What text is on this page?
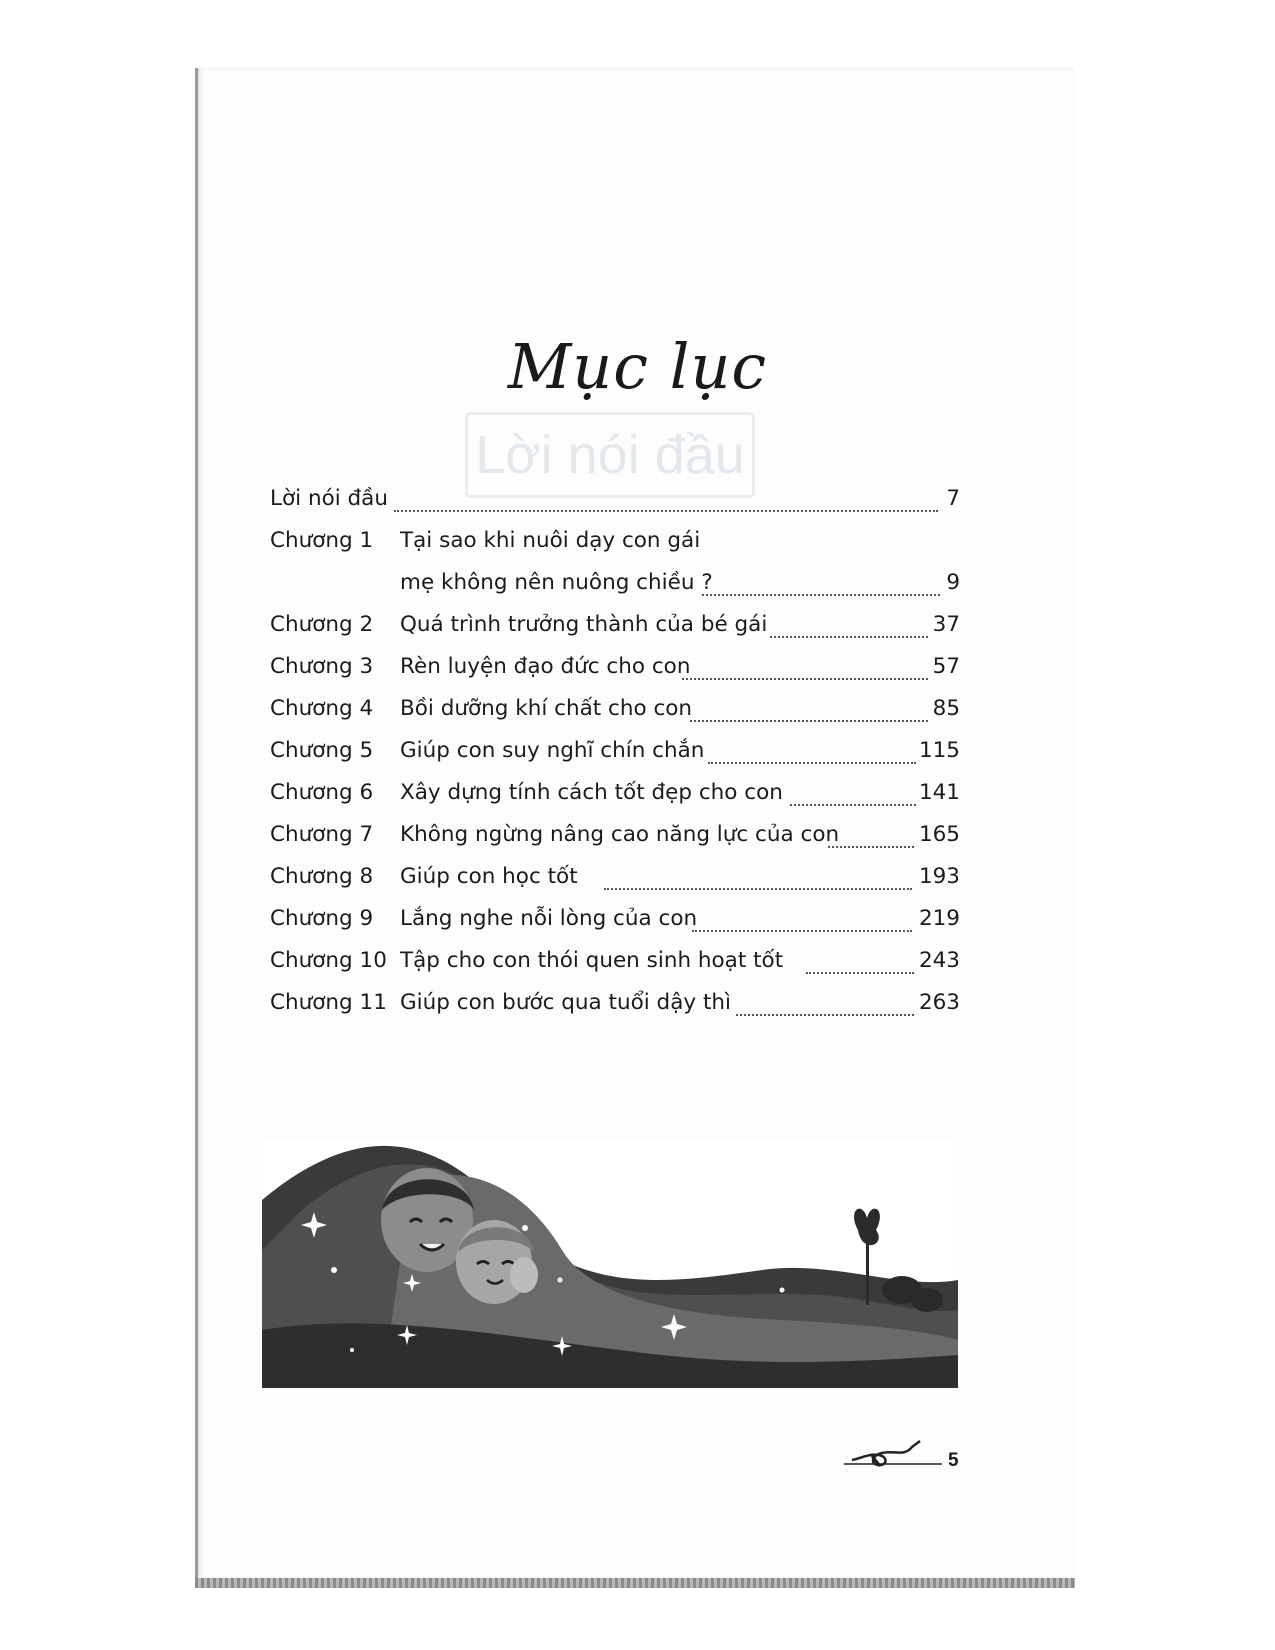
Lời nói đầu
Mục lục
Lời nói đầu	7
Chương 1 Tại sao khi nuôi dạy con gái
mẹ không nên nuông chiều ?	9
Chương 2 Quá trình trưởng thành của bé gái	37
Chương 3 Rèn luyện đạo đức cho con	57
Chương 4 Bồi dưỡng khí chất cho con	85
Chương 5 Giúp con suy nghĩ chín chắn	115
Chương 6 Xây dựng tính cách tốt đẹp cho con	141
Chương 7 Không ngừng nâng cao năng lực của con	165
Chương 8 Giúp con học tốt	193
Chương 9 Lắng nghe nỗi lòng của con	219
Chương 10 Tập cho con thói quen sinh hoạt tốt	243
Chương 11 Giúp con bước qua tuổi dậy thì	263
5
